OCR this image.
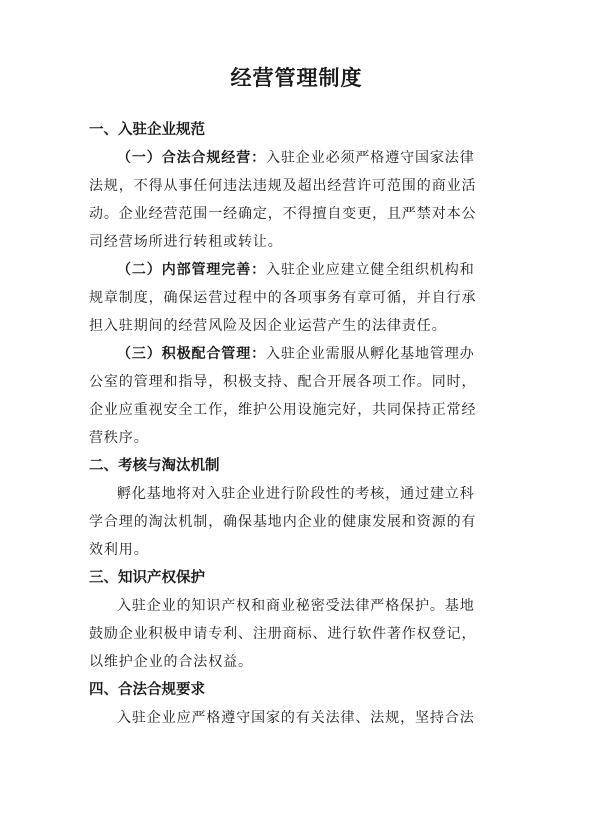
经营管理制度
一、入驻企业规范

（一）合法合规经营：入驻企业必须严格遵守国家法律
法规，不得从事任何违法违规及超出经营许可范围的商业活
动。企业经营范围一经确定，不得擅自变更，且严禁对本公
司经营场所进行转租或转让。

（二）内部管理完善：入驻企业应建立健全组织机构和
规章制度，确保运营过程中的各项事务有章可循，并自行承
担入驻期间的经营风险及因企业运营产生的法律责任。

（三）积极配合管理：入驻企业需服从孵化基地管理办
公室的管理和指导，积极支持、配合开展各项工作。同时，
企业应重视安全工作，维护公用设施完好，共同保持正常经
营秩序。

二、考核与淘汰机制

孵化基地将对入驻企业进行阶段性的考核，通过建立科
学合理的淘汰机制，确保基地内企业的健康发展和资源的有
效利用。

三、知识产权保护

入驻企业的知识产权和商业秘密受法律严格保护。基地
鼓励企业积极申请专利、注册商标、进行软件著作权登记，
以维护企业的合法权益。

四、合法合规要求

入驻企业应严格遵守国家的有关法律、法规，坚持合法
